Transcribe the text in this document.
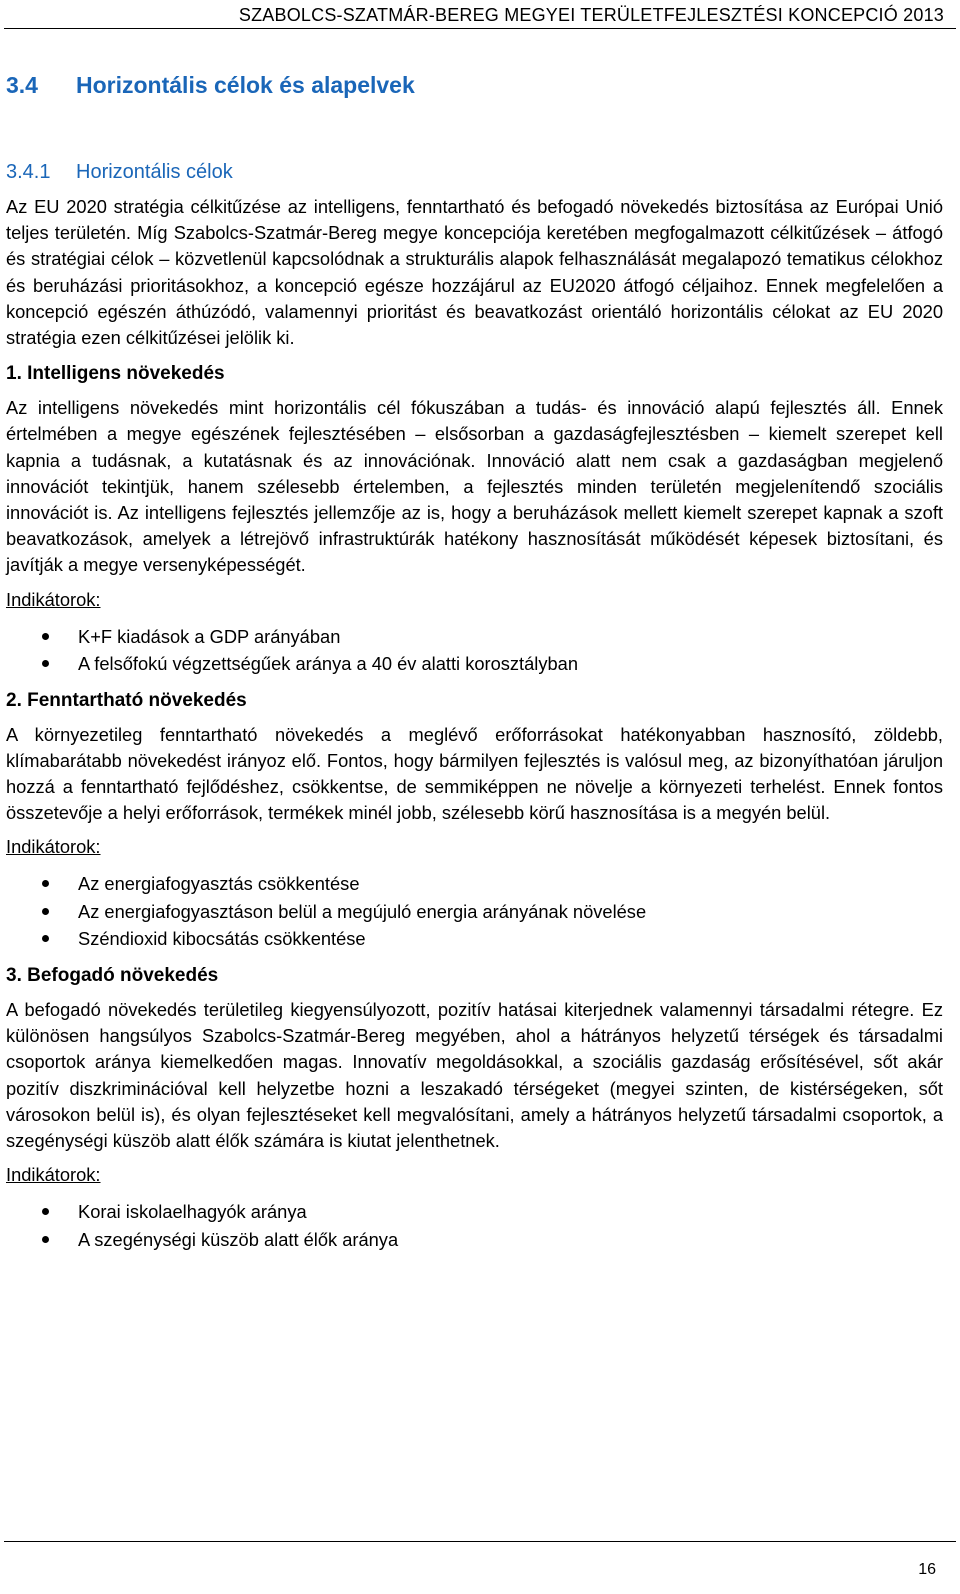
SZABOLCS-SZATMÁR-BEREG MEGYEI TERÜLETFEJLESZTÉSI KONCEPCIÓ 2013
3.4 Horizontális célok és alapelvek
3.4.1 Horizontális célok

Az EU 2020 stratégia célkitűzése az intelligens, fenntartható és befogadó növekedés biztosítása az Európai Unió teljes területén. Míg Szabolcs-Szatmár-Bereg megye koncepciója keretében megfogalmazott célkitűzések – átfogó és stratégiai célok – közvetlenül kapcsolódnak a strukturális alapok felhasználását megalapozó tematikus célokhoz és beruházási prioritásokhoz, a koncepció egésze hozzájárul az EU2020 átfogó céljaihoz. Ennek megfelelően a koncepció egészén áthúzódó, valamennyi prioritást és beavatkozást orientáló horizontális célokat az EU 2020 stratégia ezen célkitűzései jelölik ki.

1. Intelligens növekedés

Az intelligens növekedés mint horizontális cél fókuszában a tudás- és innováció alapú fejlesztés áll. Ennek értelmében a megye egészének fejlesztésében – elsősorban a gazdaságfejlesztésben – kiemelt szerepet kell kapnia a tudásnak, a kutatásnak és az innovációnak. Innováció alatt nem csak a gazdaságban megjelenő innovációt tekintjük, hanem szélesebb értelemben, a fejlesztés minden területén megjelenítendő szociális innovációt is. Az intelligens fejlesztés jellemzője az is, hogy a beruházások mellett kiemelt szerepet kapnak a szoft beavatkozások, amelyek a létrejövő infrastruktúrák hatékony hasznosítását működését képesek biztosítani, és javítják a megye versenyképességét.

Indikátorok:
K+F kiadások a GDP arányában
A felsőfokú végzettségűek aránya a 40 év alatti korosztályban
2. Fenntartható növekedés

A környezetileg fenntartható növekedés a meglévő erőforrásokat hatékonyabban hasznosító, zöldebb, klímabarátabb növekedést irányoz elő. Fontos, hogy bármilyen fejlesztés is valósul meg, az bizonyíthatóan járuljon hozzá a fenntartható fejlődéshez, csökkentse, de semmiképpen ne növelje a környezeti terhelést. Ennek fontos összetevője a helyi erőforrások, termékek minél jobb, szélesebb körű hasznosítása is a megyén belül.

Indikátorok:
Az energiafogyasztás csökkentése
Az energiafogyasztáson belül a megújuló energia arányának növelése
Széndioxid kibocsátás csökkentése
3. Befogadó növekedés

A befogadó növekedés területileg kiegyensúlyozott, pozitív hatásai kiterjednek valamennyi társadalmi rétegre. Ez különösen hangsúlyos Szabolcs-Szatmár-Bereg megyében, ahol a hátrányos helyzetű térségek és társadalmi csoportok aránya kiemelkedően magas. Innovatív megoldásokkal, a szociális gazdaság erősítésével, sőt akár pozitív diszkriminációval kell helyzetbe hozni a leszakadó térségeket (megyei szinten, de kistérségeken, sőt városokon belül is), és olyan fejlesztéseket kell megvalósítani, amely a hátrányos helyzetű társadalmi csoportok, a szegénységi küszöb alatt élők számára is kiutat jelenthetnek.

Indikátorok:
Korai iskolaelhagyók aránya
A szegénységi küszöb alatt élők aránya
16
